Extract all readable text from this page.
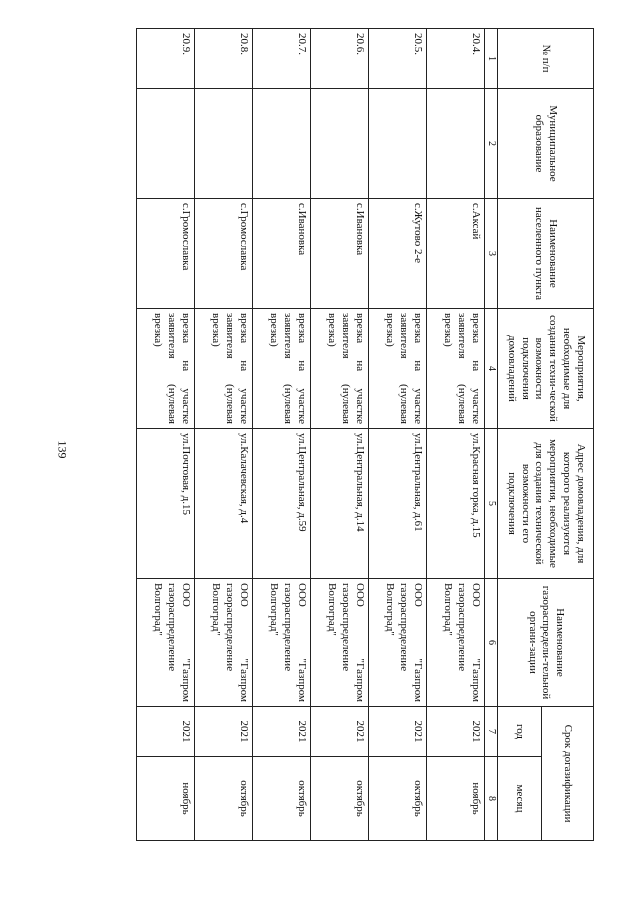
139
№ п/п	Муниципальное образование	Наименование населенного пункта	Мероприятия, необходимые для создания техни-ческой возможности подключения домовладений	Адрес домовладения, для которого реализуются мероприятия, необходимые для создания технической возможности его подключения	Наименование газораспредели-тельной органи-зации	Срок догазификации	
						год	месяц
1	2	3	4	5	6	7	8
20.4.		с.Аксай	врезка на участке заявителя (нулевая врезка)	ул.Красная горка, д.15	ООО "Газпром газораспределение Волгоград"	2021	ноябрь
20.5.		с.Жутово 2-е	врезка на участке заявителя (нулевая врезка)	ул.Центральная, д.61	ООО "Газпром газораспределение Волгоград"	2021	октябрь
20.6.		с.Ивановка	врезка на участке заявителя (нулевая врезка)	ул.Центральная, д.14	ООО "Газпром газораспределение Волгоград"	2021	октябрь
20.7.		с.Ивановка	врезка на участке заявителя (нулевая врезка)	ул.Центральная, д.59	ООО "Газпром газораспределение Волгоград"	2021	октябрь
20.8.		с.Громославка	врезка на участке заявителя (нулевая врезка)	ул.Калачевская, д.4	ООО "Газпром газораспределение Волгоград"	2021	октябрь
20.9.		с.Громославка	врезка на участке заявителя (нулевая врезка)	ул.Почтовая, д.15	ООО "Газпром газораспределение Волгоград"	2021	ноябрь
